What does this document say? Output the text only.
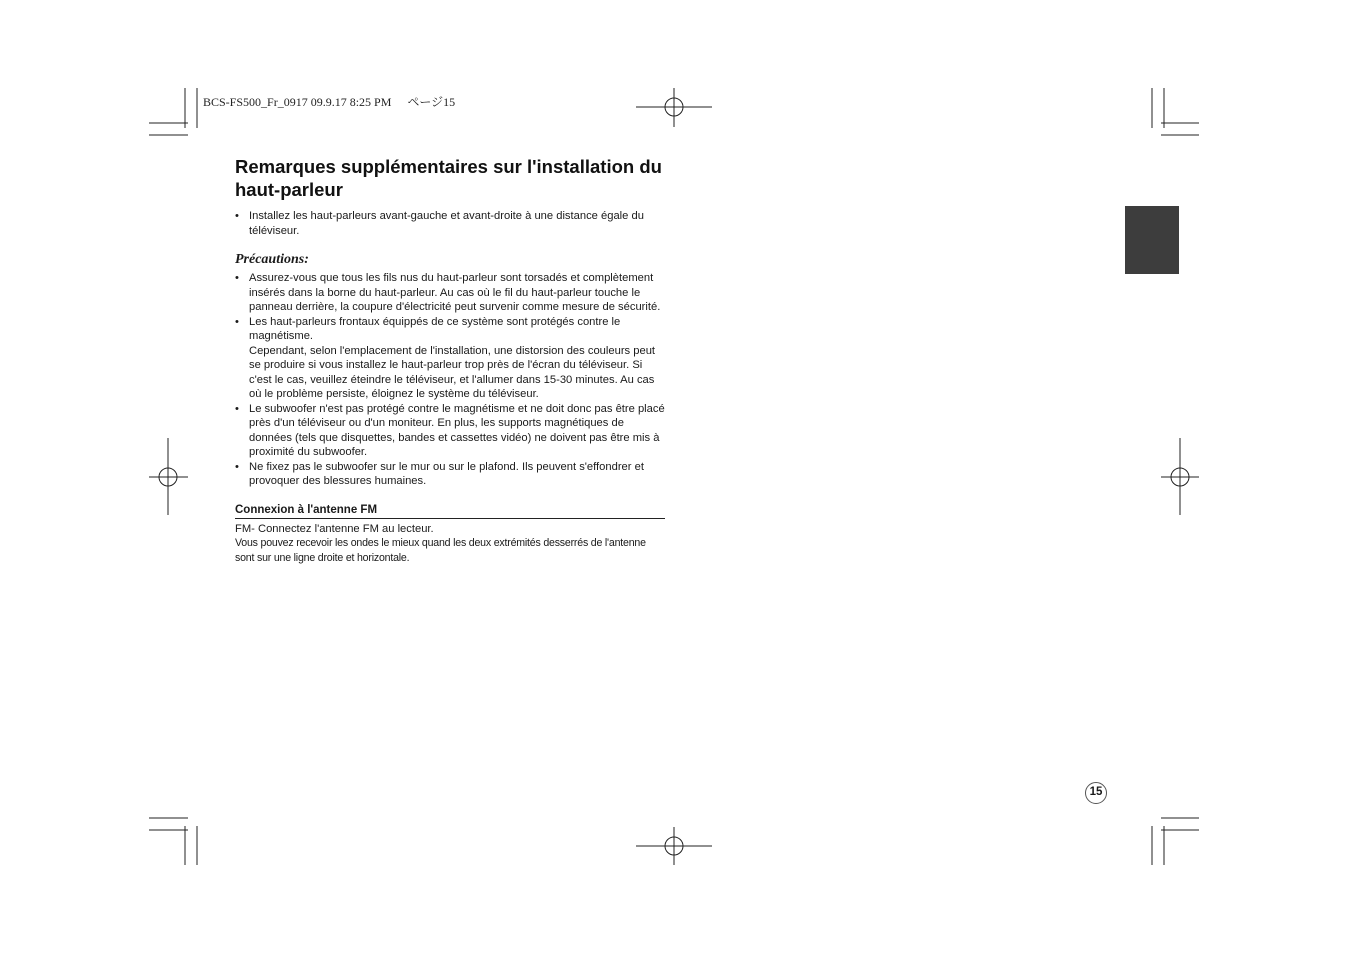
BCS-FS500_Fr_0917 09.9.17 8:25 PM ページ15
Remarques supplémentaires sur l'installation du haut-parleur
• Installez les haut-parleurs avant-gauche et avant-droite à une distance égale du téléviseur.
Précautions:
• Assurez-vous que tous les fils nus du haut-parleur sont torsadés et complètement insérés dans la borne du haut-parleur. Au cas où le fil du haut-parleur touche le panneau derrière, la coupure d'électricité peut survenir comme mesure de sécurité.
• Les haut-parleurs frontaux équippés de ce système sont protégés contre le magnétisme.
Cependant, selon l'emplacement de l'installation, une distorsion des couleurs peut se produire si vous installez le haut-parleur trop près de l'écran du téléviseur. Si c'est le cas, veuillez éteindre le téléviseur, et l'allumer dans 15-30 minutes. Au cas où le problème persiste, éloignez le système du téléviseur.
• Le subwoofer n'est pas protégé contre le magnétisme et ne doit donc pas être placé près d'un téléviseur ou d'un moniteur. En plus, les supports magnétiques de données (tels que disquettes, bandes et cassettes vidéo) ne doivent pas être mis à proximité du subwoofer.
• Ne fixez pas le subwoofer sur le mur ou sur le plafond. Ils peuvent s'effondrer et provoquer des blessures humaines.
Connexion à l'antenne FM
FM- Connectez l'antenne FM au lecteur.
Vous pouvez recevoir les ondes le mieux quand les deux extrémités desserrés de l'antenne sont sur une ligne droite et horizontale.
15
